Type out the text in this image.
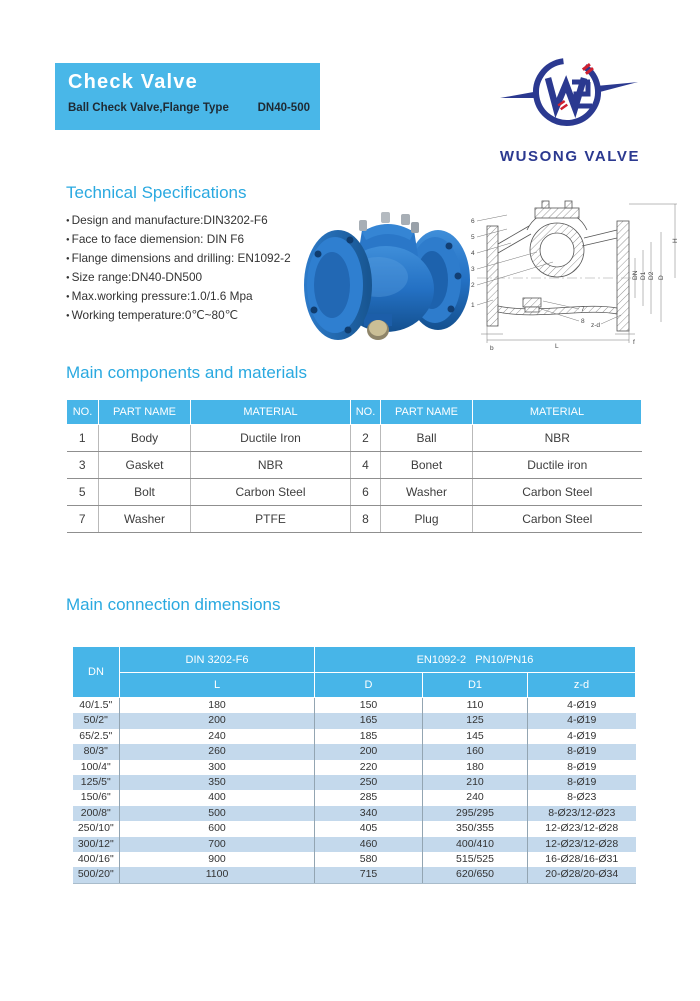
Check Valve
Ball Check Valve,Flange Type DN40-500
WUSONG VALVE
Technical Specifications
● Design and manufacture:DIN3202-F6
● Face to face diemension: DIN F6
● Flange dimensions and drilling: EN1092-2
● Size range:DN40-DN500
● Max.working pressure:1.0/1.6 Mpa
● Working temperature:0℃~80℃
6
5
4
3
2
1
7
8
z-d
L
b
f
DN D1 D2 D
H
Main components and materials
NO.	PART NAME	MATERIAL	NO.	PART NAME	MATERIAL
1	Body	Ductile Iron	2	Ball	NBR
3	Gasket	NBR	4	Bonet	Ductile iron
5	Bolt	Carbon Steel	6	Washer	Carbon Steel
7	Washer	PTFE	8	Plug	Carbon Steel
Main connection dimensions
DN	DIN 3202-F6	EN1092-2   PN10/PN16		
	L	D	D1	z-d
40/1.5"	180	150	110	4-Ø19
50/2"	200	165	125	4-Ø19
65/2.5"	240	185	145	4-Ø19
80/3"	260	200	160	8-Ø19
100/4"	300	220	180	8-Ø19
125/5"	350	250	210	8-Ø19
150/6"	400	285	240	8-Ø23
200/8"	500	340	295/295	8-Ø23/12-Ø23
250/10"	600	405	350/355	12-Ø23/12-Ø28
300/12"	700	460	400/410	12-Ø23/12-Ø28
400/16"	900	580	515/525	16-Ø28/16-Ø31
500/20"	1100	715	620/650	20-Ø28/20-Ø34
